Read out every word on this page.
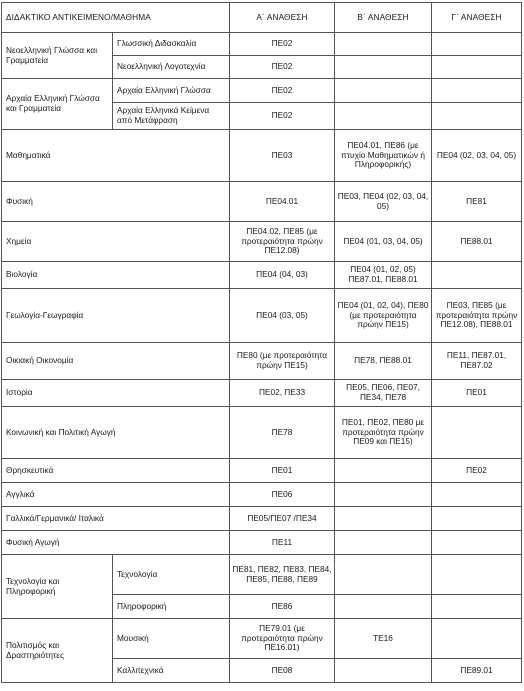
ΔΙΔΑΚΤΙΚΟ ΑΝΤΙΚΕΙΜΕΝΟ/ΜΑΘΗΜΑ		Α΄ ΑΝΑΘΕΣΗ	Β΄ ΑΝΑΘΕΣΗ	Γ΄ ΑΝΑΘΕΣΗ
Νεοελληνική Γλώσσα και Γραμματεία	Γλωσσική Διδασκαλία	ΠΕ02		
	Νεοελληνική Λογοτεχνία	ΠΕ02		
Αρχαία Ελληνική Γλώσσα και Γραμματεία	Αρχαία Ελληνική Γλώσσα	ΠΕ02		
	Αρχαία Ελληνικά Κείμενα από Μετάφραση	ΠΕ02		
Μαθηματικά		ΠΕ03	ΠΕ04.01, ΠΕ86 (με πτυχίο Μαθηματικών ή Πληροφορικής)	ΠΕ04 (02, 03, 04, 05)
Φυσική		ΠΕ04.01	ΠΕ03, ΠΕ04 (02, 03, 04, 05)	ΠΕ81
Χημεία		ΠΕ04.02, ΠΕ85 (με προτεραιότητα πρώην ΠΕ12.08)	ΠΕ04 (01, 03, 04, 05)	ΠΕ88.01
Βιολογία		ΠΕ04 (04, 03)	ΠΕ04 (01, 02, 05) ΠΕ87.01, ΠΕ88.01	
Γεωλογία-Γεωγραφία		ΠΕ04 (03, 05)	ΠΕ04 (01, 02, 04), ΠΕ80 (με προτεραιότητα πρώην ΠΕ15)	ΠΕ03, ΠΕ85 (με προτεραιότητα πρώην ΠΕ12.08), ΠΕ88.01
Οικιακή Οικονομία		ΠΕ80 (με προτεραιότητα πρώην ΠΕ15)	ΠΕ78, ΠΕ88.01	ΠΕ11, ΠΕ87.01, ΠΕ87.02
Ιστορία		ΠΕ02, ΠΕ33	ΠΕ05, ΠΕ06, ΠΕ07, ΠΕ34, ΠΕ78	ΠΕ01
Κοινωνική και Πολιτική Αγωγή		ΠΕ78	ΠΕ01, ΠΕ02, ΠΕ80 με προτεραιότητα πρώην ΠΕ09 και ΠΕ15)	
Θρησκευτικά		ΠΕ01		ΠΕ02
Αγγλικά		ΠΕ06		
Γαλλικά/Γερμανικά/ Ιταλικά		ΠΕ05/ΠΕ07 /ΠΕ34		
Φυσική Αγωγή		ΠΕ11		
Τεχνολογία και Πληροφορική	Τεχνολογία	ΠΕ81, ΠΕ82, ΠΕ83, ΠΕ84, ΠΕ85, ΠΕ88, ΠΕ89		
	Πληροφορική	ΠΕ86		
Πολιτισμός και Δραστηριότητες	Μουσική	ΠΕ79.01 (με προτεραιότητα πρώην ΠΕ16.01)	ΤΕ16	
	Καλλιτεχνικά	ΠΕ08		ΠΕ89.01
